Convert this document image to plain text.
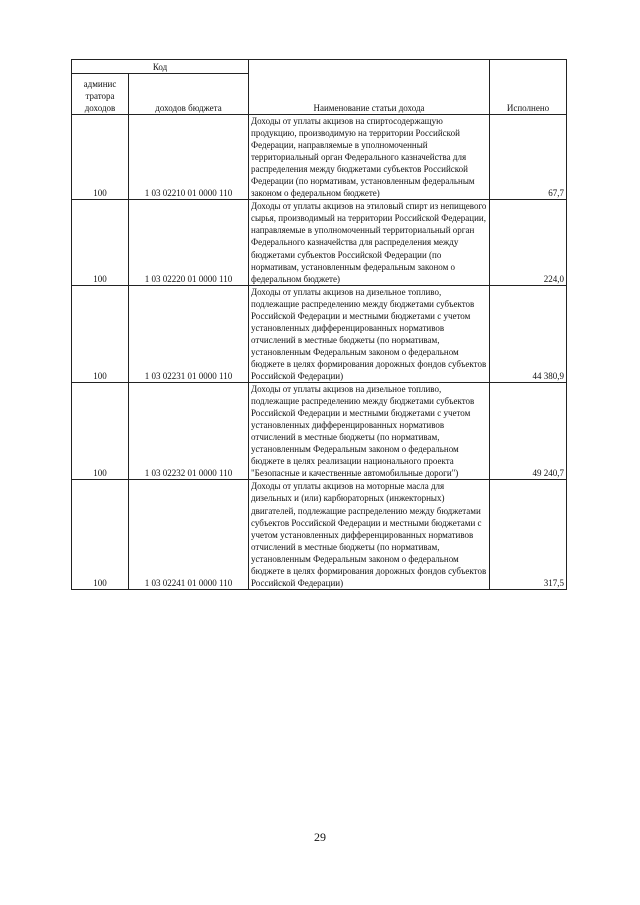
Код		Наименование статьи дохода	Исполнено
админис тратора доходов	доходов бюджета		
100	1 03 02210 01 0000 110	Доходы от уплаты акцизов на спиртосодержащую продукцию, производимую на территории Российской Федерации, направляемые в уполномоченный территориальный орган Федерального казначейства для распределения между бюджетами субъектов Российской Федерации (по нормативам, установленным федеральным законом о федеральном бюджете)	67,7
100	1 03 02220 01 0000 110	Доходы от уплаты акцизов на этиловый спирт из непищевого сырья, производимый на территории Российской Федерации, направляемые в уполномоченный территориальный орган Федерального казначейства для распределения между бюджетами субъектов Российской Федерации (по нормативам, установленным федеральным законом о федеральном бюджете)	224,0
100	1 03 02231 01 0000 110	Доходы от уплаты акцизов на дизельное топливо, подлежащие распределению между бюджетами субъектов Российской Федерации и местными бюджетами с учетом установленных дифференцированных нормативов отчислений в местные бюджеты (по нормативам, установленным Федеральным законом о федеральном бюджете в целях формирования дорожных фондов субъектов Российской Федерации)	44 380,9
100	1 03 02232 01 0000 110	Доходы от уплаты акцизов на дизельное топливо, подлежащие распределению между бюджетами субъектов Российской Федерации и местными бюджетами с учетом установленных дифференцированных нормативов отчислений в местные бюджеты (по нормативам, установленным Федеральным законом о федеральном бюджете в целях реализации национального проекта "Безопасные и качественные автомобильные дороги")	49 240,7
100	1 03 02241 01 0000 110	Доходы от уплаты акцизов на моторные масла для дизельных и (или) карбюраторных (инжекторных) двигателей, подлежащие распределению между бюджетами субъектов Российской Федерации и местными бюджетами с учетом установленных дифференцированных нормативов отчислений в местные бюджеты (по нормативам, установленным Федеральным законом о федеральном бюджете в целях формирования дорожных фондов субъектов Российской Федерации)	317,5
29
